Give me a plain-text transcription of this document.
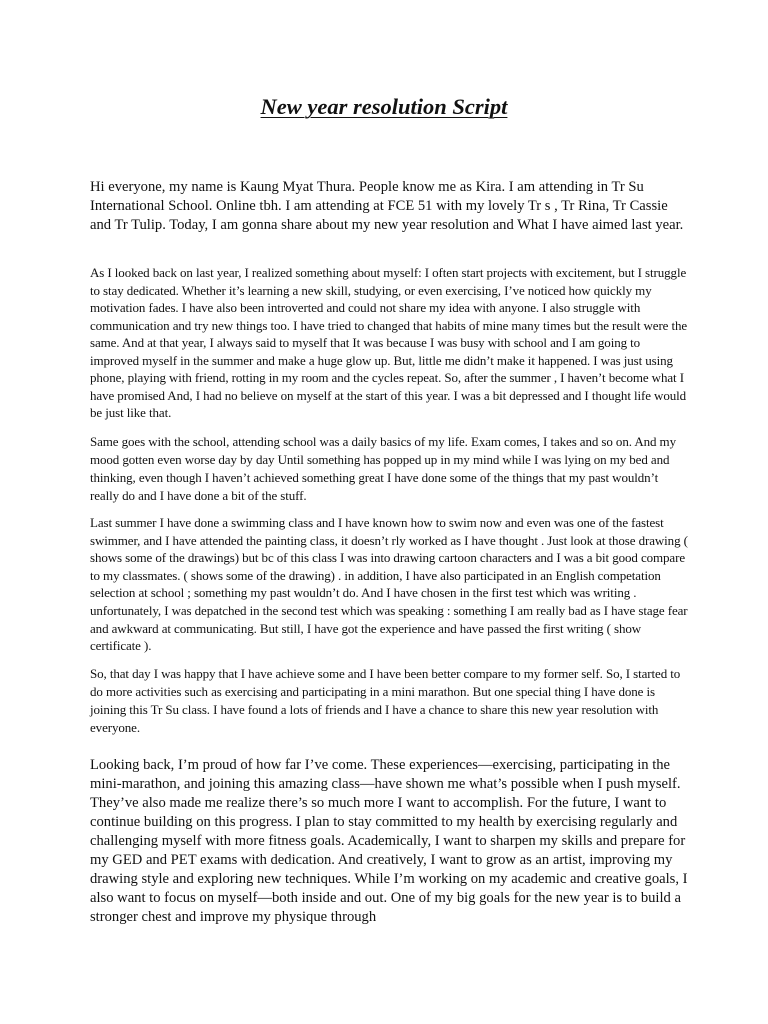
New year resolution Script

Hi everyone, my name is Kaung Myat Thura. People know me as Kira. I am attending in Tr Su International School. Online tbh. I am attending at FCE 51 with my lovely Tr s , Tr Rina, Tr Cassie and Tr Tulip. Today, I am gonna share about my new year resolution and What I have aimed last year.

As I looked back on last year, I realized something about myself: I often start projects with excitement, but I struggle to stay dedicated. Whether it’s learning a new skill, studying, or even exercising, I’ve noticed how quickly my motivation fades. I have also been introverted and could not share my idea with anyone. I also struggle with communication and try new things too. I have tried to changed that habits of mine many times but the result were the same. And at that year, I always said to myself that It was because I was busy with school and I am going to improved myself in the summer and make a huge glow up. But, little me didn’t make it happened. I was just using phone, playing with friend, rotting in my room and the cycles repeat. So, after the summer , I haven’t become what I have promised And, I had no believe on myself at the start of this year. I was a bit depressed and I thought life would be just like that.

Same goes with the school, attending school was a daily basics of my life. Exam comes, I takes and so on. And my mood gotten even worse day by day Until something has popped up in my mind while I was lying on my bed and thinking, even though I haven’t achieved something great I have done some of the things that my past wouldn’t really do and I have done a bit of the stuff.

Last summer I have done a swimming class and I have known how to swim now and even was one of the fastest swimmer, and I have attended the painting class, it doesn’t rly worked as I have thought . Just look at those drawing ( shows some of the drawings) but bc of this class I was into drawing cartoon characters and I was a bit good compare to my classmates. ( shows some of the drawing) . in addition, I have also participated in an English competation selection at school ; something my past wouldn’t do. And I have chosen in the first test which was writing . unfortunately, I was depatched in the second test which was speaking : something I am really bad as I have stage fear and awkward at communicating. But still, I have got the experience and have passed the first writing ( show certificate ).

So, that day I was happy that I have achieve some and I have been better compare to my former self. So, I started to do more activities such as exercising and participating in a mini marathon. But one special thing I have done is joining this Tr Su class. I have found a lots of friends and I have a chance to share this new year resolution with everyone.

Looking back, I’m proud of how far I’ve come. These experiences—exercising, participating in the mini-marathon, and joining this amazing class—have shown me what’s possible when I push myself. They’ve also made me realize there’s so much more I want to accomplish. For the future, I want to continue building on this progress. I plan to stay committed to my health by exercising regularly and challenging myself with more fitness goals. Academically, I want to sharpen my skills and prepare for my GED and PET exams with dedication. And creatively, I want to grow as an artist, improving my drawing style and exploring new techniques. While I’m working on my academic and creative goals, I also want to focus on myself—both inside and out. One of my big goals for the new year is to build a stronger chest and improve my physique through
